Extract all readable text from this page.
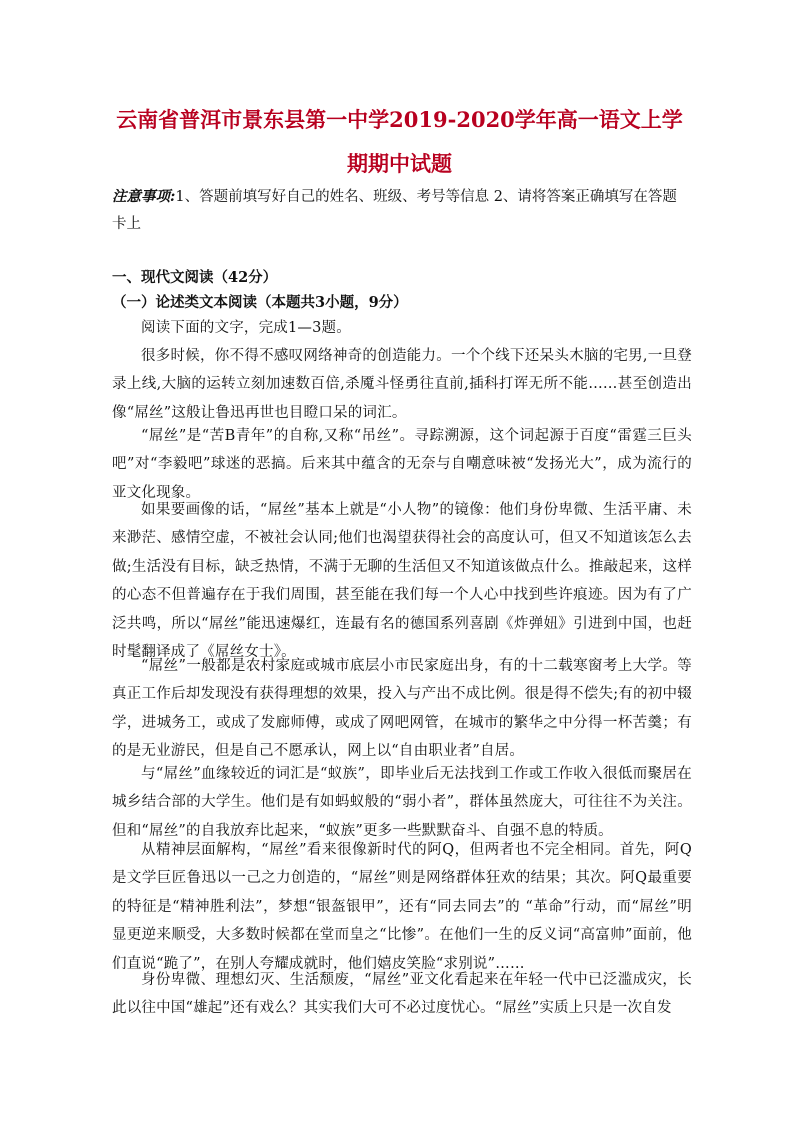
云南省普洱市景东县第一中学2019-2020学年高一语文上学期期中试题
注意事项:1、答题前填写好自己的姓名、班级、考号等信息 2、请将答案正确填写在答题卡上
一、现代文阅读（42分）
（一）论述类文本阅读（本题共3小题，9分）
阅读下面的文字，完成1—3题。
很多时候，你不得不感叹网络神奇的创造能力。一个个线下还呆头木脑的宅男,一旦登录上线,大脑的运转立刻加速数百倍,杀魇斗怪勇往直前,插科打诨无所不能……甚至创造出像“屌丝”这般让鲁迅再世也目瞪口呆的词汇。
“屌丝”是“苦B青年”的自称,又称“吊丝”。寻踪溯源，这个词起源于百度“雷霆三巨头吧”对“李毅吧”球迷的恶搞。后来其中蕴含的无奈与自嘲意味被“发扬光大”，成为流行的亚文化现象。
如果要画像的话，“屌丝”基本上就是“小人物”的镜像：他们身份卑微、生活平庸、未来渺茫、感情空虚，不被社会认同;他们也渴望获得社会的高度认可，但又不知道该怎么去做;生活没有目标，缺乏热情，不满于无聊的生活但又不知道该做点什么。推敲起来，这样的心态不但普遍存在于我们周围，甚至能在我们每一个人心中找到些许痕迹。因为有了广泛共鸣，所以“屌丝”能迅速爆红，连最有名的德国系列喜剧《炸弹妞》引进到中国，也赶时髦翻译成了《屌丝女士》。
“屌丝”一般都是农村家庭或城市底层小市民家庭出身，有的十二载寒窗考上大学。等真正工作后却发现没有获得理想的效果，投入与产出不成比例。很是得不偿失;有的初中辍学，进城务工，或成了发廊师傅，或成了网吧网管，在城市的繁华之中分得一杯苦羹；有的是无业游民，但是自己不愿承认，网上以“自由职业者”自居。
与“屌丝”血缘较近的词汇是“蚁族”，即毕业后无法找到工作或工作收入很低而聚居在城乡结合部的大学生。他们是有如蚂蚁般的“弱小者”，群体虽然庞大，可往往不为关注。但和“屌丝”的自我放弃比起来，“蚁族”更多一些默默奋斗、自强不息的特质。
从精神层面解构，“屌丝”看来很像新时代的阿Q，但两者也不完全相同。首先，阿Q是文学巨匠鲁迅以一己之力创造的，“屌丝”则是网络群体狂欢的结果；其次。阿Q最重要的特征是“精神胜利法”，梦想“银盔银甲”，还有“同去同去”的 “革命”行动，而“屌丝”明显更逆来顺受，大多数时候都在堂而皇之“比惨”。在他们一生的反义词“高富帅”面前，他们直说“跪了”，在别人夸耀成就时，他们嬉皮笑脸“求别说”……
身份卑微、理想幻灭、生活颓废，“屌丝”亚文化看起来在年轻一代中已泛滥成灾，长此以往中国“雄起”还有戏么？其实我们大可不必过度忧心。“屌丝”实质上只是一次自发
